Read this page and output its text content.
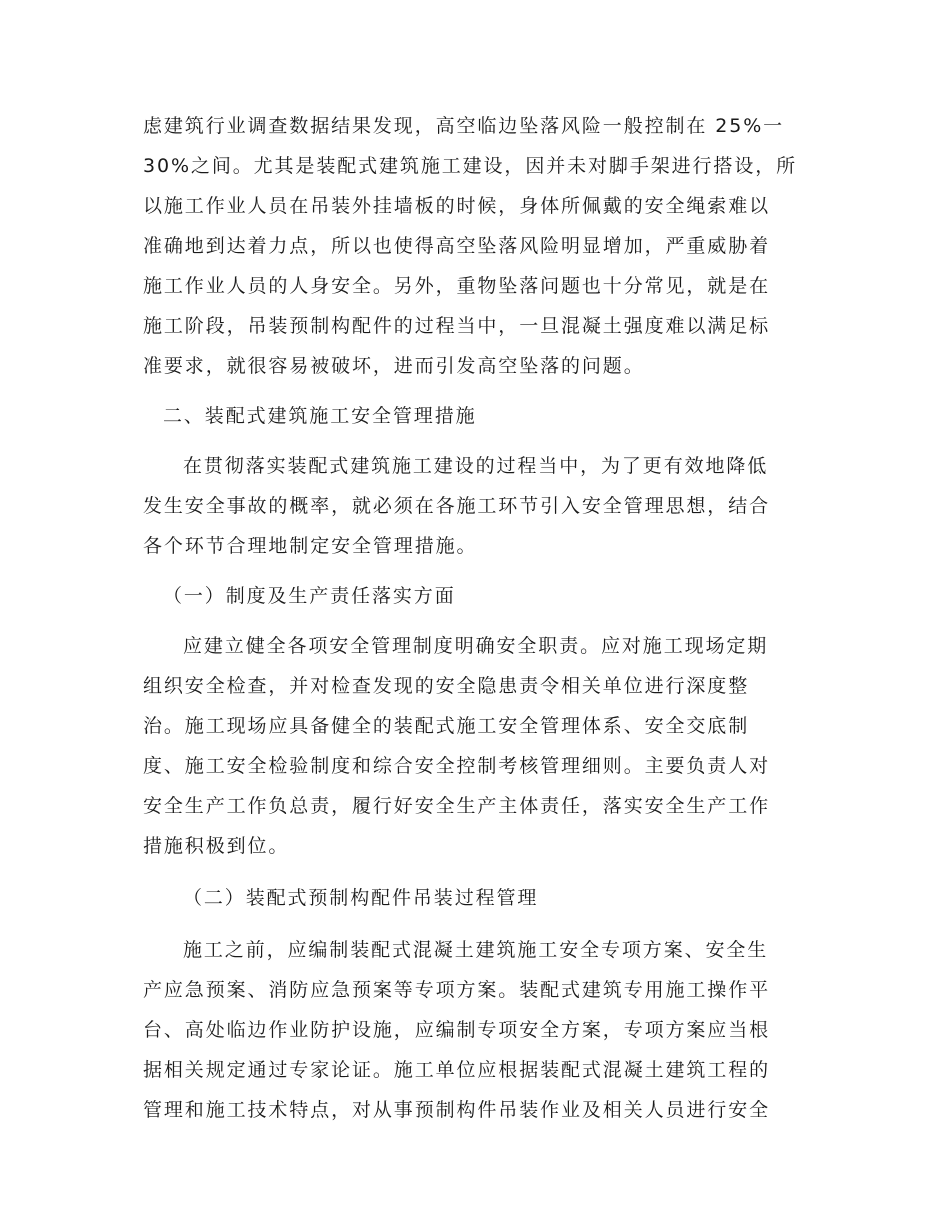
虑建筑行业调查数据结果发现，高空临边坠落风险一般控制在 25%一
30%之间。尤其是装配式建筑施工建设，因并未对脚手架进行搭设，所
以施工作业人员在吊装外挂墙板的时候，身体所佩戴的安全绳索难以
准确地到达着力点，所以也使得高空坠落风险明显增加，严重威胁着
施工作业人员的人身安全。另外，重物坠落问题也十分常见，就是在
施工阶段，吊装预制构配件的过程当中，一旦混凝土强度难以满足标
准要求，就很容易被破坏，进而引发高空坠落的问题。
二、装配式建筑施工安全管理措施
在贯彻落实装配式建筑施工建设的过程当中，为了更有效地降低
发生安全事故的概率，就必须在各施工环节引入安全管理思想，结合
各个环节合理地制定安全管理措施。
（一）制度及生产责任落实方面
应建立健全各项安全管理制度明确安全职责。应对施工现场定期
组织安全检查，并对检查发现的安全隐患责令相关单位进行深度整
治。施工现场应具备健全的装配式施工安全管理体系、安全交底制
度、施工安全检验制度和综合安全控制考核管理细则。主要负责人对
安全生产工作负总责，履行好安全生产主体责任，落实安全生产工作
措施积极到位。
（二）装配式预制构配件吊装过程管理
施工之前，应编制装配式混凝土建筑施工安全专项方案、安全生
产应急预案、消防应急预案等专项方案。装配式建筑专用施工操作平
台、高处临边作业防护设施，应编制专项安全方案，专项方案应当根
据相关规定通过专家论证。施工单位应根据装配式混凝土建筑工程的
管理和施工技术特点，对从事预制构件吊装作业及相关人员进行安全
